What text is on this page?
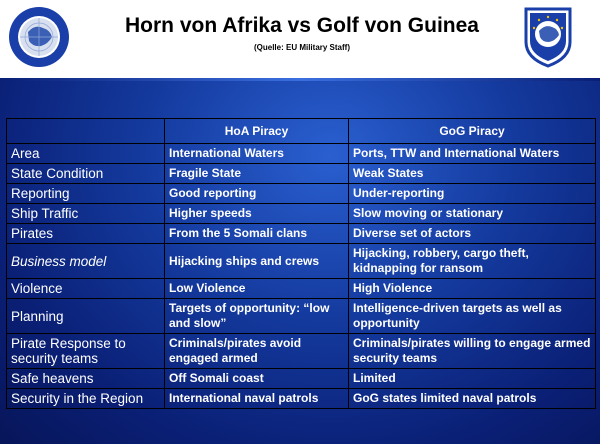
Horn von Afrika vs Golf von Guinea
(Quelle: EU Military Staff)
	HoA Piracy	GoG Piracy
Area	International Waters	Ports, TTW and International Waters
State Condition	Fragile State	Weak States
Reporting	Good reporting	Under-reporting
Ship Traffic	Higher speeds	Slow moving or stationary
Pirates	From the 5 Somali clans	Diverse set of actors
Business model	Hijacking ships and crews	Hijacking, robbery, cargo theft, kidnapping for ransom
Violence	Low Violence	High Violence
Planning	Targets of opportunity: “low and slow”	Intelligence-driven targets as well as opportunity
Pirate Response to security teams	Criminals/pirates avoid engaged armed	Criminals/pirates willing to engage armed security teams
Safe heavens	Off Somali coast	Limited
Security in the Region	International naval patrols	GoG states limited naval patrols
